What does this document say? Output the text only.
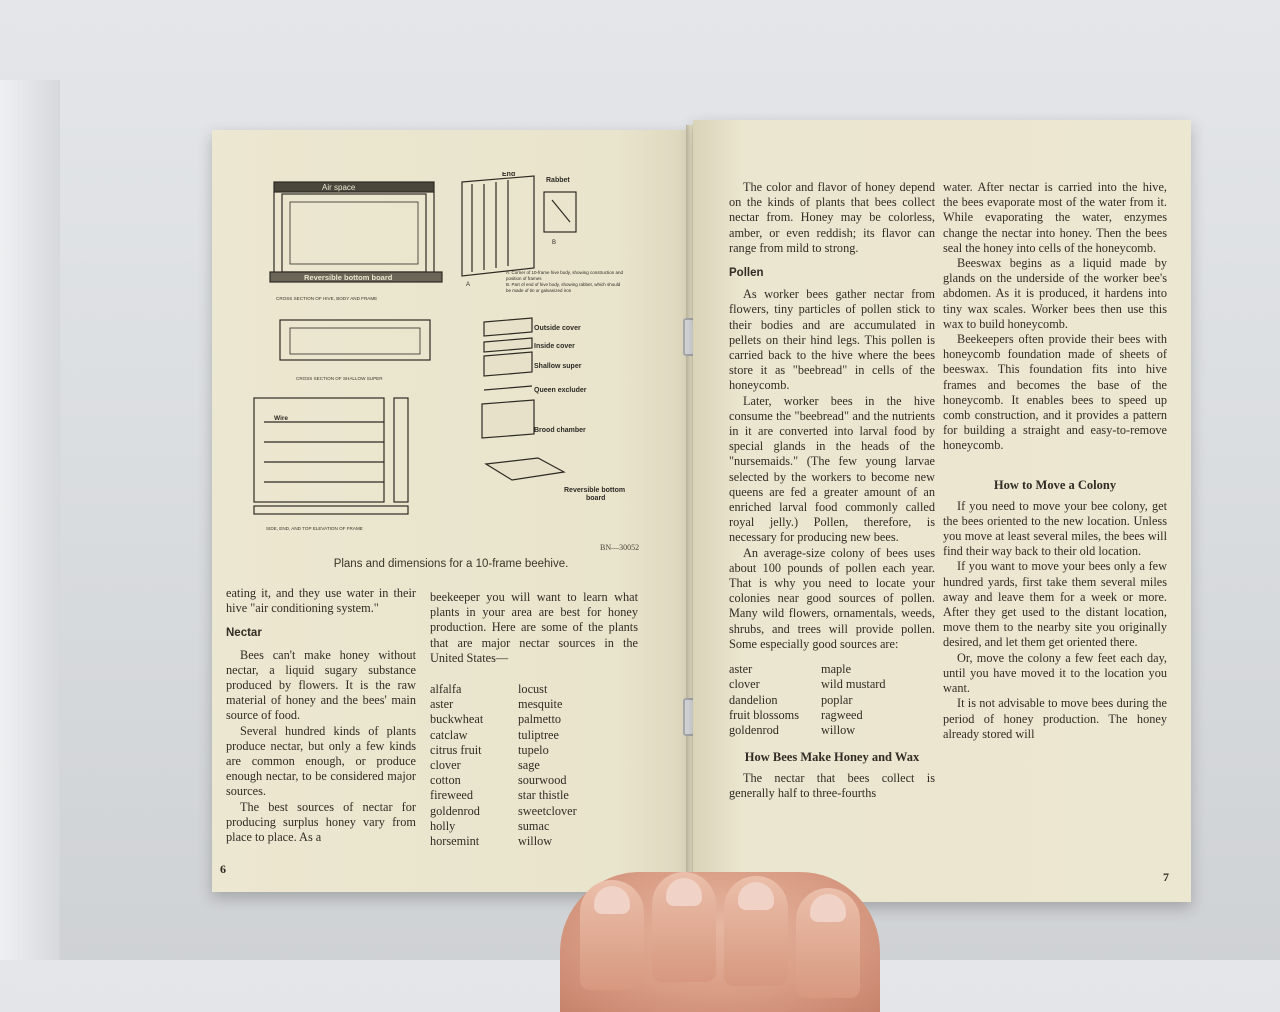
Air space
Reversible bottom board
CROSS SECTION OF HIVE, BODY AND FRAME
End
Rabbet
A
B
A. Corner of 10-frame hive body, showing construction and position of frames
B. Part of end of hive body, showing rabbet, which should be made of tin or galvanized iron
CROSS SECTION OF SHALLOW SUPER
Wire
SIDE, END, AND TOP ELEVATION OF FRAME
Outside cover
Inside cover
Shallow super
Queen excluder
Brood chamber
Reversible bottom
board
BN—30052
Plans and dimensions for a 10-frame beehive.

eating it, and they use water in their hive "air conditioning system."

Nectar

Bees can't make honey without nectar, a liquid sugary substance produced by flowers. It is the raw material of honey and the bees' main source of food.

Several hundred kinds of plants produce nectar, but only a few kinds are common enough, or produce enough nectar, to be considered major sources.

The best sources of nectar for producing surplus honey vary from place to place. As a

beekeeper you will want to learn what plants in your area are best for honey production. Here are some of the plants that are major nectar sources in the United States—

alfalfa	locust
aster	mesquite
buckwheat	palmetto
catclaw	tuliptree
citrus fruit	tupelo
clover	sage
cotton	sourwood
fireweed	star thistle
goldenrod	sweetclover
holly	sumac
horsemint	willow
6

The color and flavor of honey depend on the kinds of plants that bees collect nectar from. Honey may be colorless, amber, or even reddish; its flavor can range from mild to strong.

Pollen

As worker bees gather nectar from flowers, tiny particles of pollen stick to their bodies and are accumulated in pellets on their hind legs. This pollen is carried back to the hive where the bees store it as "beebread" in cells of the honeycomb.

Later, worker bees in the hive consume the "beebread" and the nutrients in it are converted into larval food by special glands in the heads of the "nursemaids." (The few young larvae selected by the workers to become new queens are fed a greater amount of an enriched larval food commonly called royal jelly.) Pollen, therefore, is necessary for producing new bees.

An average-size colony of bees uses about 100 pounds of pollen each year. That is why you need to locate your colonies near good sources of pollen. Many wild flowers, ornamentals, weeds, shrubs, and trees will provide pollen. Some especially good sources are:

aster	maple
clover	wild mustard
dandelion	poplar
fruit blossoms	ragweed
goldenrod	willow
How Bees Make Honey and Wax

The nectar that bees collect is generally half to three-fourths

water. After nectar is carried into the hive, the bees evaporate most of the water from it. While evaporating the water, enzymes change the nectar into honey. Then the bees seal the honey into cells of the honeycomb.

Beeswax begins as a liquid made by glands on the underside of the worker bee's abdomen. As it is produced, it hardens into tiny wax scales. Worker bees then use this wax to build honeycomb.

Beekeepers often provide their bees with honeycomb foundation made of sheets of beeswax. This foundation fits into hive frames and becomes the base of the honeycomb. It enables bees to speed up comb construction, and it provides a pattern for building a straight and easy-to-remove honeycomb.

How to Move a Colony

If you need to move your bee colony, get the bees oriented to the new location. Unless you move at least several miles, the bees will find their way back to their old location.

If you want to move your bees only a few hundred yards, first take them several miles away and leave them for a week or more. After they get used to the distant location, move them to the nearby site you originally desired, and let them get oriented there.

Or, move the colony a few feet each day, until you have moved it to the location you want.

It is not advisable to move bees during the period of honey production. The honey already stored will

7
